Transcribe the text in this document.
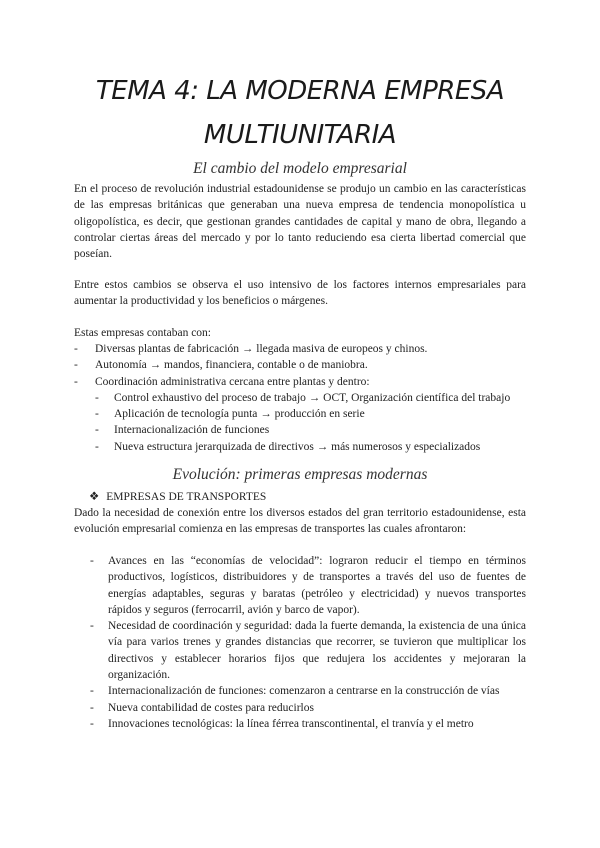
TEMA 4: LA MODERNA EMPRESA
MULTIUNITARIA
El cambio del modelo empresarial

En el proceso de revolución industrial estadounidense se produjo un cambio en las características de las empresas británicas que generaban una nueva empresa de tendencia monopolística u oligopolística, es decir, que gestionan grandes cantidades de capital y mano de obra, llegando a controlar ciertas áreas del mercado y por lo tanto reduciendo esa cierta libertad comercial que poseían.

Entre estos cambios se observa el uso intensivo de los factores internos empresariales para aumentar la productividad y los beneficios o márgenes.

Estas empresas contaban con:

- Diversas plantas de fabricación → llegada masiva de europeos y chinos.
- Autonomía → mandos, financiera, contable o de maniobra.
- Coordinación administrativa cercana entre plantas y dentro:
- Control exhaustivo del proceso de trabajo → OCT, Organización científica del trabajo
- Aplicación de tecnología punta → producción en serie
- Internacionalización de funciones
- Nueva estructura jerarquizada de directivos → más numerosos y especializados
Evolución: primeras empresas modernas

❖ EMPRESAS DE TRANSPORTES

Dado la necesidad de conexión entre los diversos estados del gran territorio estadounidense, esta evolución empresarial comienza en las empresas de transportes las cuales afrontaron:

- Avances en las “economías de velocidad”: lograron reducir el tiempo en términos productivos, logísticos, distribuidores y de transportes a través del uso de fuentes de energías adaptables, seguras y baratas (petróleo y electricidad) y nuevos transportes rápidos y seguros (ferrocarril, avión y barco de vapor).
- Necesidad de coordinación y seguridad: dada la fuerte demanda, la existencia de una única vía para varios trenes y grandes distancias que recorrer, se tuvieron que multiplicar los directivos y establecer horarios fijos que redujera los accidentes y mejoraran la organización.
- Internacionalización de funciones: comenzaron a centrarse en la construcción de vías
- Nueva contabilidad de costes para reducirlos
- Innovaciones tecnológicas: la línea férrea transcontinental, el tranvía y el metro
